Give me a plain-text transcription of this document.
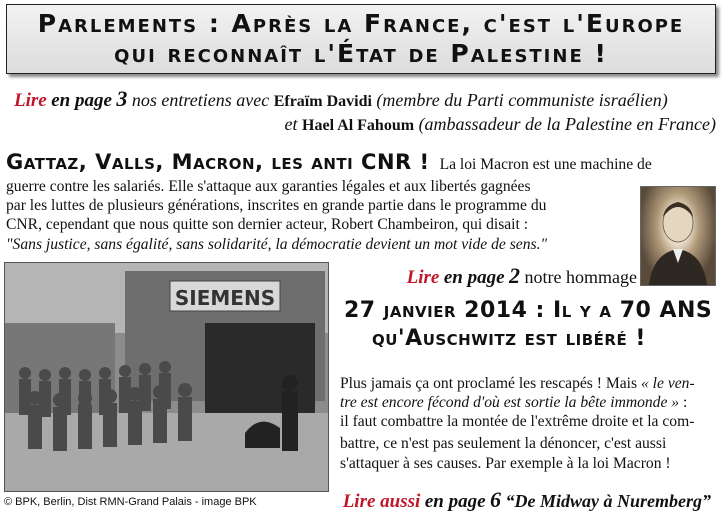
Parlements : Après la France, c'est l'Europe
qui reconnaît l'État de Palestine !
Lire en page 3 nos entretiens avec Efraïm Davidi (membre du Parti communiste israélien)
et Hael Al Fahoum (ambassadeur de la Palestine en France)
Gattaz, Valls, Macron, les anti CNR ! La loi Macron est une machine de
guerre contre les salariés. Elle s'attaque aux garanties légales et aux libertés gagnées
par les luttes de plusieurs générations, inscrites en grande partie dans le programme du
CNR, cependant que nous quitte son dernier acteur, Robert Chambeiron, qui disait :
"Sans justice, sans égalité, sans solidarité, la démocratie devient un mot vide de sens."
Lire en page 2 notre hommage
SIEMENS	27 janvier 2014 : Il y a 70 ANS
qu'Auschwitz est libéré !
Plus jamais ça ont proclamé les rescapés ! Mais « le ven-
tre est encore fécond d'où est sortie la bête immonde » :
il faut combattre la montée de l'extrême droite et la com-
battre, ce n'est pas seulement la dénoncer, c'est aussi
s'attaquer à ses causes. Par exemple à la loi Macron !
© BPK, Berlin, Dist RMN-Grand Palais - image BPK	Lire aussi en page 6 “De Midway à Nuremberg”
